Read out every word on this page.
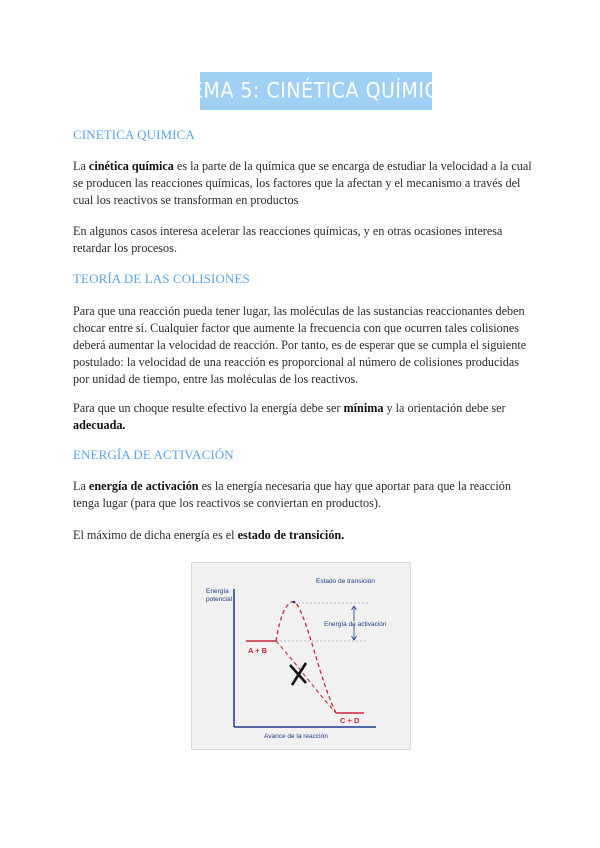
-TEMA 5: CINÉTICA QUÍMICA-
CINETICA QUIMICA
La cinética química es la parte de la química que se encarga de estudiar la velocidad a la cual se producen las reacciones químicas, los factores que la afectan y el mecanismo a través del cual los reactivos se transforman en productos
En algunos casos interesa acelerar las reacciones químicas, y en otras ocasiones interesa retardar los procesos.
TEORÍA DE LAS COLISIONES
Para que una reacción pueda tener lugar, las moléculas de las sustancias reaccionantes deben chocar entre sí. Cualquier factor que aumente la frecuencia con que ocurren tales colisiones deberá aumentar la velocidad de reacción. Por tanto, es de esperar que se cumpla el siguiente postulado: la velocidad de una reacción es proporcional al número de colisiones producidas por unidad de tiempo, entre las moléculas de los reactivos.
Para que un choque resulte efectivo la energía debe ser mínima y la orientación debe ser adecuada.
ENERGÍA DE ACTIVACIÓN
La energía de activación es la energía necesaria que hay que aportar para que la reacción tenga lugar (para que los reactivos se conviertan en productos).
El máximo de dicha energía es el estado de transición.
Energía
potencial
Avance de la reacción
Estado de transición
Energía de activación
A + B
C + D
